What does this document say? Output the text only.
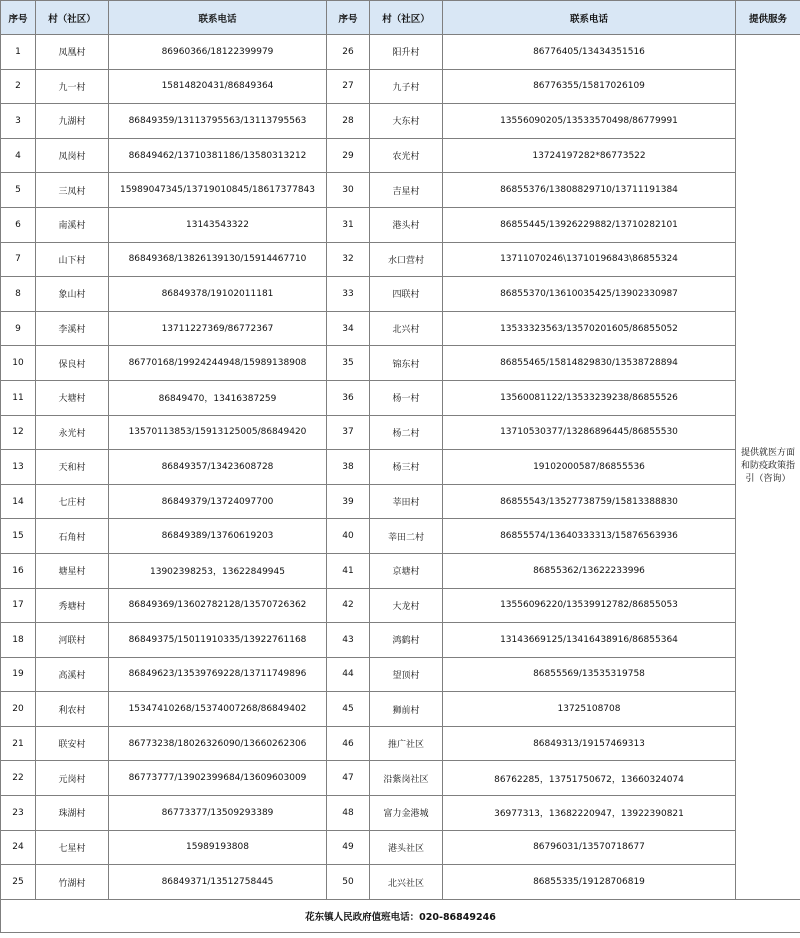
序号	村（社区）	联系电话	序号	村（社区）	联系电话	提供服务
1	凤凰村	86960366/18122399979	26	阳升村	86776405/13434351516	提供就医方面和防疫政策指引（咨询）
2	九一村	15814820431/86849364	27	九子村	86776355/15817026109	
3	九湖村	86849359/13113795563/13113795563	28	大东村	13556090205/13533570498/86779991	
4	凤岗村	86849462/13710381186/13580313212	29	农光村	13724197282*86773522	
5	三凤村	15989047345/13719010845/18617377843	30	吉星村	86855376/13808829710/13711191384	
6	南溪村	13143543322	31	港头村	86855445/13926229882/13710282101	
7	山下村	86849368/13826139130/15914467710	32	水口营村	13711070246\13710196843\86855324	
8	象山村	86849378/19102011181	33	四联村	86855370/13610035425/13902330987	
9	李溪村	13711227369/86772367	34	北兴村	13533323563/13570201605/86855052	
10	保良村	86770168/19924244948/15989138908	35	锦东村	86855465/15814829830/13538728894	
11	大塘村	86849470，13416387259	36	杨一村	13560081122/13533239238/86855526	
12	永光村	13570113853/15913125005/86849420	37	杨二村	13710530377/13286896445/86855530	
13	天和村	86849357/13423608728	38	杨三村	19102000587/86855536	
14	七庄村	86849379/13724097700	39	莘田村	86855543/13527738759/15813388830	
15	石角村	86849389/13760619203	40	莘田二村	86855574/13640333313/15876563936	
16	塘星村	13902398253，13622849945	41	京塘村	86855362/13622233996	
17	秀塘村	86849369/13602782128/13570726362	42	大龙村	13556096220/13539912782/86855053	
18	河联村	86849375/15011910335/13922761168	43	鸿鹤村	13143669125/13416438916/86855364	
19	高溪村	86849623/13539769228/13711749896	44	望顶村	86855569/13535319758	
20	利农村	15347410268/15374007268/86849402	45	狮前村	13725108708	
21	联安村	86773238/18026326090/13660262306	46	推广社区	86849313/19157469313	
22	元岗村	86773777/13902399684/13609603009	47	沿紫岗社区	86762285，13751750672，13660324074	
23	珠湖村	86773377/13509293389	48	富力金港城	36977313，13682220947，13922390821	
24	七星村	15989193808	49	港头社区	86796031/13570718677	
25	竹湖村	86849371/13512758445	50	北兴社区	86855335/19128706819	
花东镇人民政府值班电话：020-86849246						
